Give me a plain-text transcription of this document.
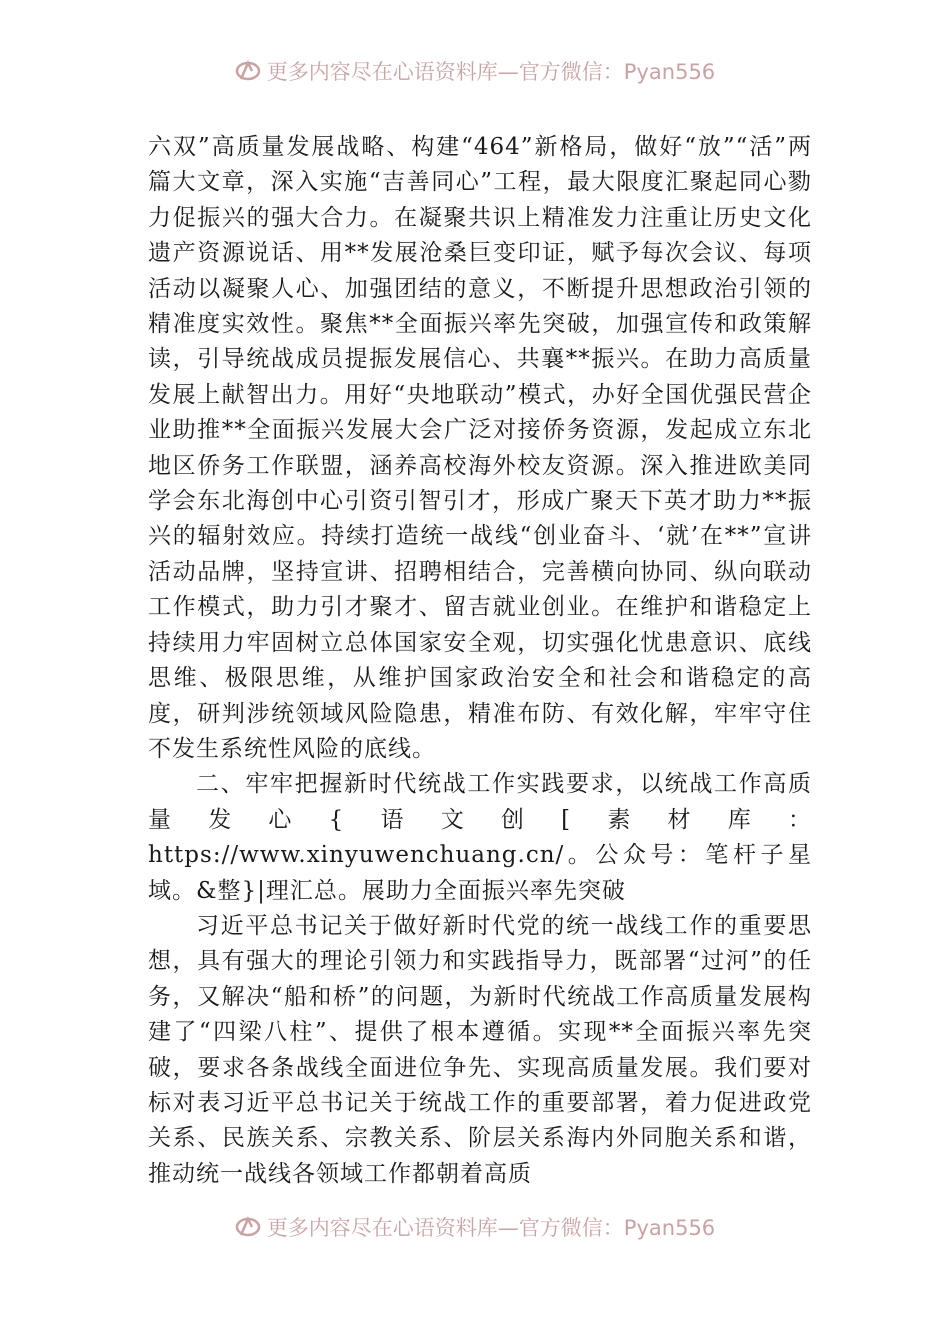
更多内容尽在心语资料库—官方微信：Pyan556

六双”高质量发展战略、构建“464”新格局，做好“放”“活”两篇大文章，深入实施“吉善同心”工程，最大限度汇聚起同心勠力促振兴的强大合力。在凝聚共识上精准发力注重让历史文化遗产资源说话、用**发展沧桑巨变印证，赋予每次会议、每项活动以凝聚人心、加强团结的意义，不断提升思想政治引领的精准度实效性。聚焦**全面振兴率先突破，加强宣传和政策解读，引导统战成员提振发展信心、共襄**振兴。在助力高质量发展上献智出力。用好“央地联动”模式，办好全国优强民营企业助推**全面振兴发展大会广泛对接侨务资源，发起成立东北地区侨务工作联盟，涵养高校海外校友资源。深入推进欧美同学会东北海创中心引资引智引才，形成广聚天下英才助力**振兴的辐射效应。持续打造统一战线“创业奋斗、‘就’在**”宣讲活动品牌，坚持宣讲、招聘相结合，完善横向协同、纵向联动工作模式，助力引才聚才、留吉就业创业。在维护和谐稳定上持续用力牢固树立总体国家安全观，切实强化忧患意识、底线思维、极限思维，从维护国家政治安全和社会和谐稳定的高度，研判涉统领域风险隐患，精准布防、有效化解，牢牢守住不发生系统性风险的底线。

二、牢牢把握新时代统战工作实践要求，以统战工作高质量发心{语文创[素材库：https://www.xinyuwenchuang.cn/。公众号：笔杆子星域。&整}|理汇总。展助力全面振兴率先突破

习近平总书记关于做好新时代党的统一战线工作的重要思想，具有强大的理论引领力和实践指导力，既部署“过河”的任务，又解决“船和桥”的问题，为新时代统战工作高质量发展构建了“四梁八柱”、提供了根本遵循。实现**全面振兴率先突破，要求各条战线全面进位争先、实现高质量发展。我们要对标对表习近平总书记关于统战工作的重要部署，着力促进政党关系、民族关系、宗教关系、阶层关系海内外同胞关系和谐，推动统一战线各领域工作都朝着高质

更多内容尽在心语资料库—官方微信：Pyan556
